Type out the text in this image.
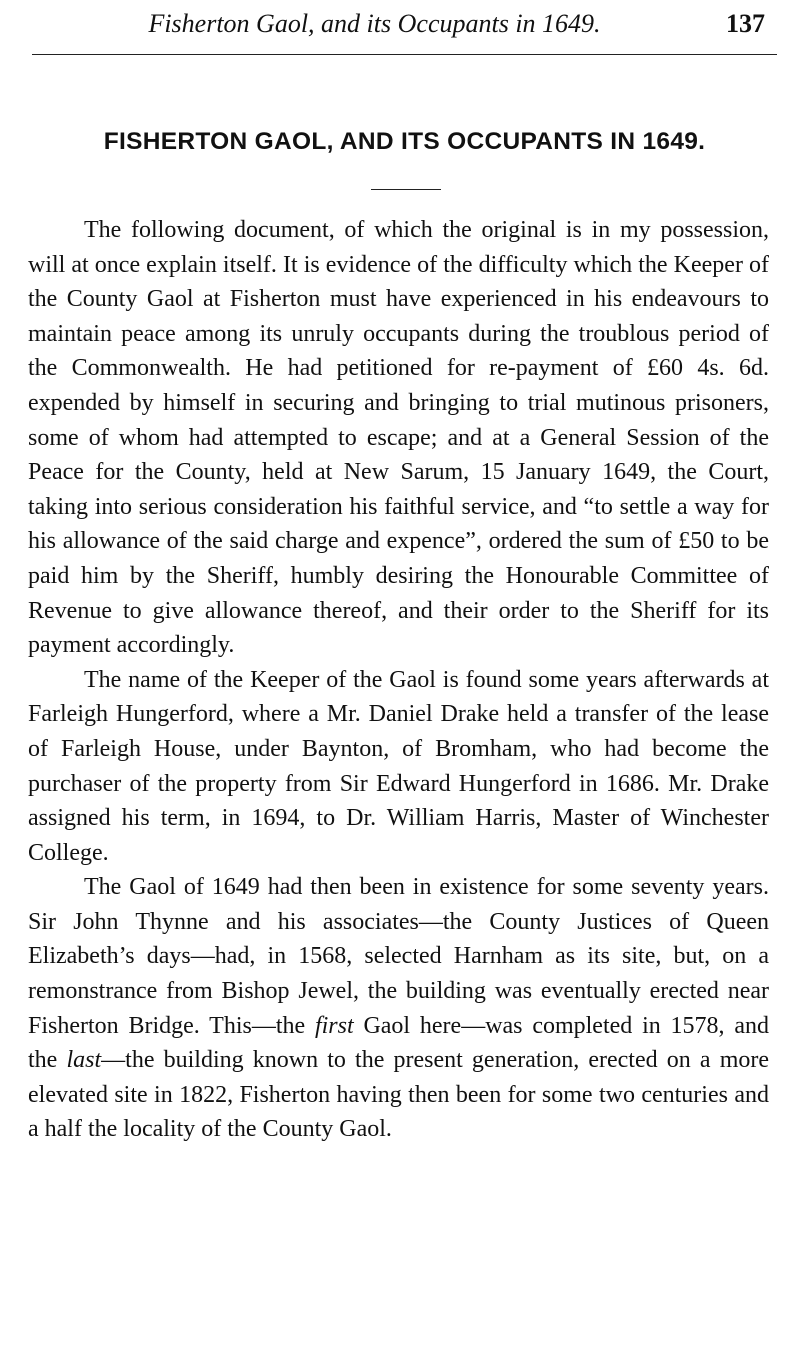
Fisherton Gaol, and its Occupants in 1649.	137
FISHERTON GAOL, AND ITS OCCUPANTS IN 1649.

The following document, of which the original is in my possession, will at once explain itself. It is evidence of the difficulty which the Keeper of the County Gaol at Fisherton must have experienced in his endeavours to maintain peace among its unruly occupants during the troublous period of the Commonwealth. He had petitioned for re-payment of £60 4s. 6d. expended by himself in securing and bringing to trial mutinous prisoners, some of whom had attempted to escape; and at a General Session of the Peace for the County, held at New Sarum, 15 January 1649, the Court, taking into serious consideration his faithful service, and “to settle a way for his allowance of the said charge and expence”, ordered the sum of £50 to be paid him by the Sheriff, humbly desiring the Honourable Committee of Revenue to give allowance thereof, and their order to the Sheriff for its payment accordingly.

The name of the Keeper of the Gaol is found some years afterwards at Farleigh Hungerford, where a Mr. Daniel Drake held a transfer of the lease of Farleigh House, under Baynton, of Bromham, who had become the purchaser of the property from Sir Edward Hungerford in 1686. Mr. Drake assigned his term, in 1694, to Dr. William Harris, Master of Winchester College.

The Gaol of 1649 had then been in existence for some seventy years. Sir John Thynne and his associates—the County Justices of Queen Elizabeth’s days—had, in 1568, selected Harnham as its site, but, on a remonstrance from Bishop Jewel, the building was eventually erected near Fisherton Bridge. This—the first Gaol here—was completed in 1578, and the last—the building known to the present generation, erected on a more elevated site in 1822, Fisherton having then been for some two centuries and a half the locality of the County Gaol.
